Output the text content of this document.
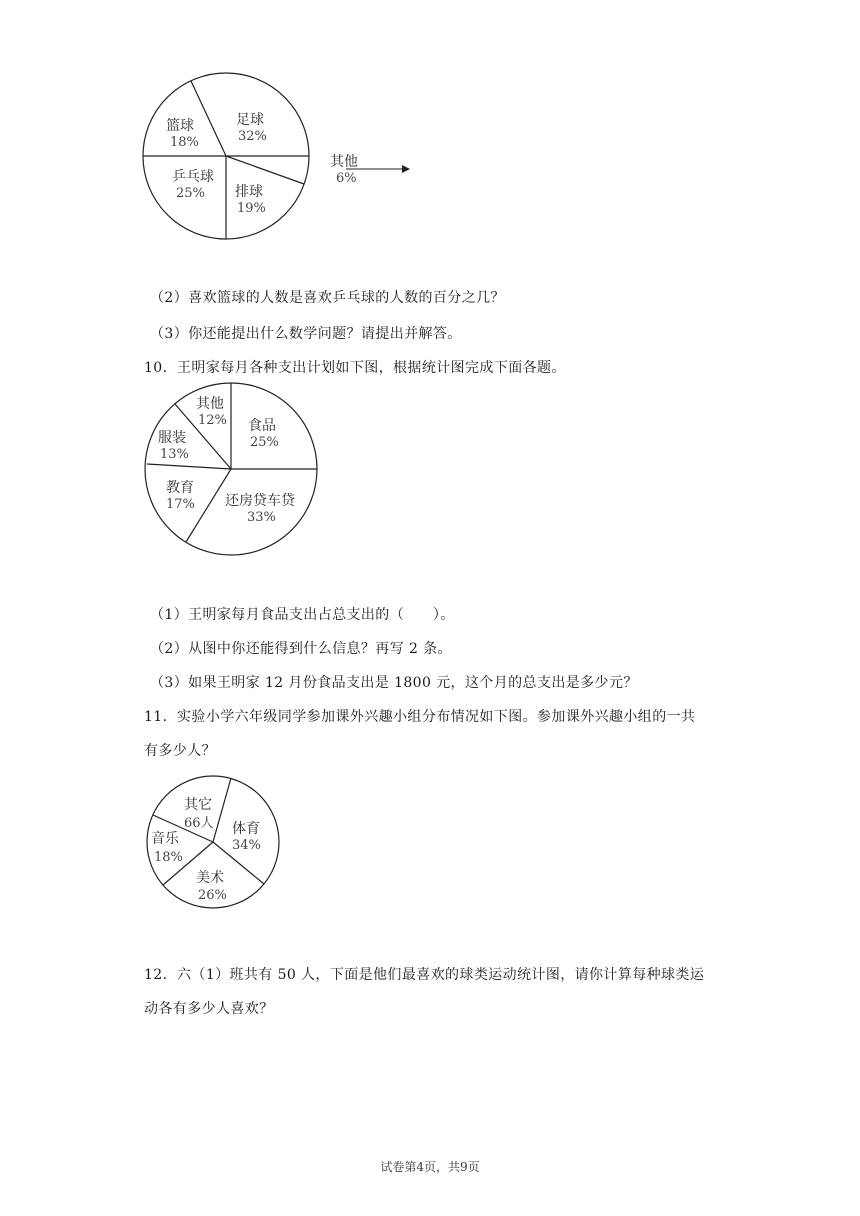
足球
32%
篮球
18%
乒乓球
25% 排球
19%
其他
6%
（2）喜欢篮球的人数是喜欢乒乓球的人数的百分之几？
（3）你还能提出什么数学问题？请提出并解答。
10．王明家每月各种支出计划如下图，根据统计图完成下面各题。
食品
25%
其他
12%
服装
13%
教育
17% 还房贷车贷
33%
（1）王明家每月食品支出占总支出的（　　）。
（2）从图中你还能得到什么信息？再写 2 条。
（3）如果王明家 12 月份食品支出是 1800 元，这个月的总支出是多少元？
11．实验小学六年级同学参加课外兴趣小组分布情况如下图。参加课外兴趣小组的一共
有多少人？
其它
66人 体育
34%
音乐
18%
美术
26%
12．六（1）班共有 50 人，下面是他们最喜欢的球类运动统计图，请你计算每种球类运
动各有多少人喜欢？
试卷第4页，共9页
